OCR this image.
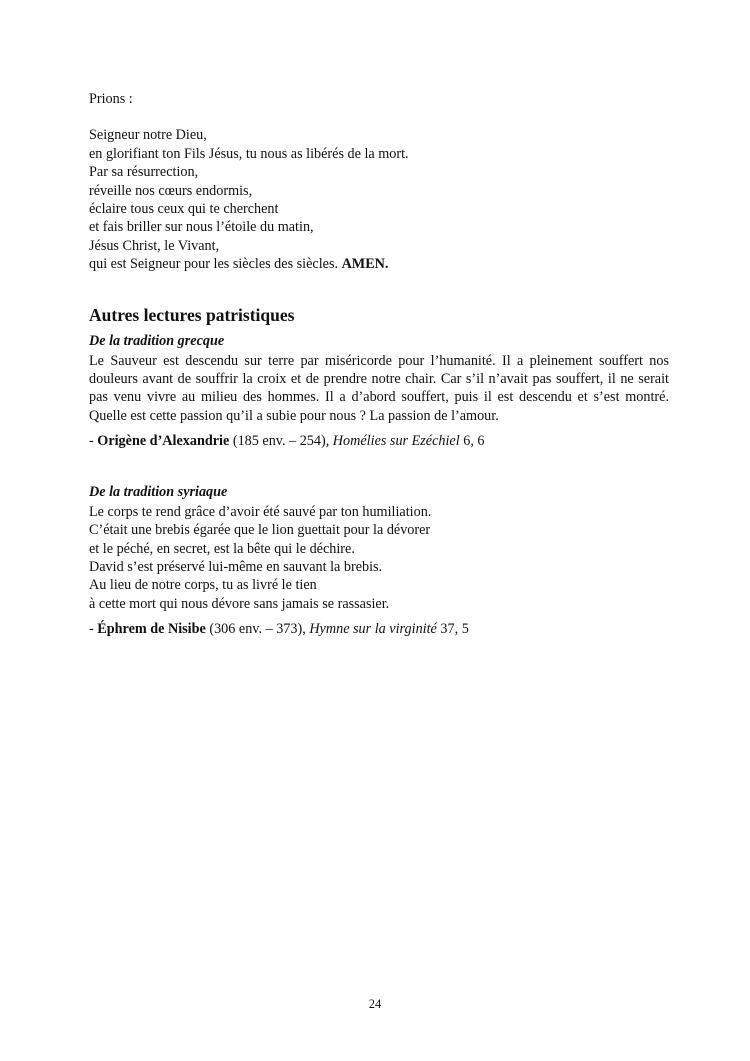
Prions :
Seigneur notre Dieu,
en glorifiant ton Fils Jésus, tu nous as libérés de la mort.
Par sa résurrection,
réveille nos cœurs endormis,
éclaire tous ceux qui te cherchent
et fais briller sur nous l’étoile du matin,
Jésus Christ, le Vivant,
qui est Seigneur pour les siècles des siècles. AMEN.
Autres lectures patristiques
De la tradition grecque
Le Sauveur est descendu sur terre par miséricorde pour l’humanité. Il a pleinement souffert nos douleurs avant de souffrir la croix et de prendre notre chair. Car s’il n’avait pas souffert, il ne serait pas venu vivre au milieu des hommes. Il a d’abord souffert, puis il est descendu et s’est montré. Quelle est cette passion qu’il a subie pour nous ? La passion de l’amour.
- Origène d’Alexandrie (185 env. – 254), Homélies sur Ezéchiel 6, 6
De la tradition syriaque
Le corps te rend grâce d’avoir été sauvé par ton humiliation.
C’était une brebis égarée que le lion guettait pour la dévorer
et le péché, en secret, est la bête qui le déchire.
David s’est préservé lui-même en sauvant la brebis.
Au lieu de notre corps, tu as livré le tien
à cette mort qui nous dévore sans jamais se rassasier.
- Éphrem de Nisibe (306 env. – 373), Hymne sur la virginité 37, 5
24
